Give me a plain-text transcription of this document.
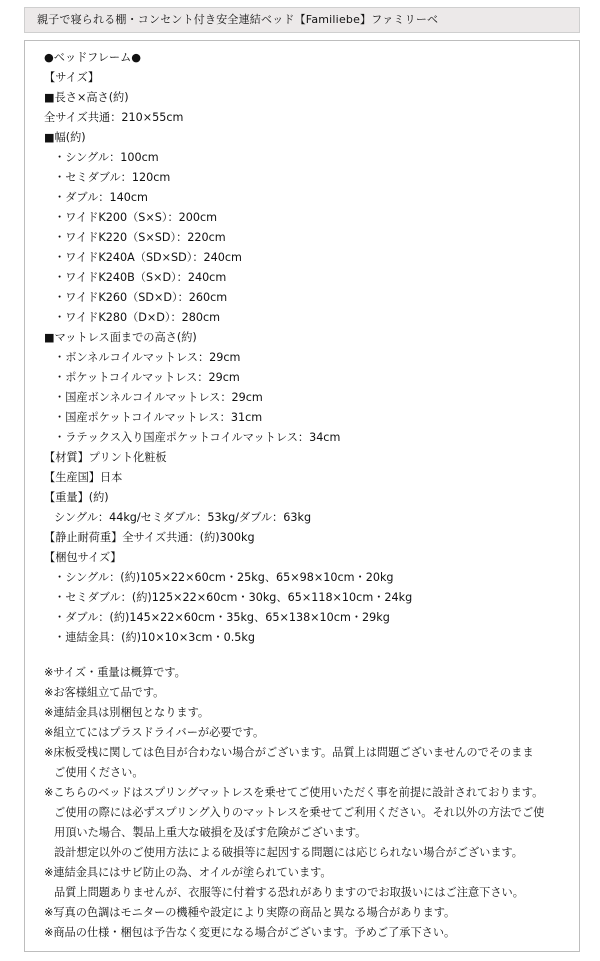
親子で寝られる棚・コンセント付き安全連結ベッド【Familiebe】ファミリーベ
●ベッドフレーム●
【サイズ】
■長さ×高さ(約)
全サイズ共通：210×55cm
■幅(約)
・シングル：100cm
・セミダブル：120cm
・ダブル：140cm
・ワイドK200（S×S）：200cm
・ワイドK220（S×SD）：220cm
・ワイドK240A（SD×SD）：240cm
・ワイドK240B（S×D）：240cm
・ワイドK260（SD×D）：260cm
・ワイドK280（D×D）：280cm
■マットレス面までの高さ(約)
・ボンネルコイルマットレス：29cm
・ポケットコイルマットレス：29cm
・国産ボンネルコイルマットレス：29cm
・国産ポケットコイルマットレス：31cm
・ラテックス入り国産ポケットコイルマットレス：34cm
【材質】プリント化粧板
【生産国】日本
【重量】(約)
シングル：44kg/セミダブル：53kg/ダブル：63kg
【静止耐荷重】全サイズ共通：(約)300kg
【梱包サイズ】
・シングル：(約)105×22×60cm・25kg、65×98×10cm・20kg
・セミダブル：(約)125×22×60cm・30kg、65×118×10cm・24kg
・ダブル：(約)145×22×60cm・35kg、65×138×10cm・29kg
・連結金具：(約)10×10×3cm・0.5kg
※サイズ・重量は概算です。
※お客様組立て品です。
※連結金具は別梱包となります。
※組立てにはプラスドライバーが必要です。
※床板受桟に関しては色目が合わない場合がございます。品質上は問題ございませんのでそのまま
ご使用ください。
※こちらのベッドはスプリングマットレスを乗せてご使用いただく事を前提に設計されております。
ご使用の際には必ずスプリング入りのマットレスを乗せてご利用ください。それ以外の方法でご使
用頂いた場合、製品上重大な破損を及ぼす危険がございます。
設計想定以外のご使用方法による破損等に起因する問題には応じられない場合がございます。
※連結金具にはサビ防止の為、オイルが塗られています。
品質上問題ありませんが、衣服等に付着する恐れがありますのでお取扱いにはご注意下さい。
※写真の色調はモニターの機種や設定により実際の商品と異なる場合があります。
※商品の仕様・梱包は予告なく変更になる場合がございます。予めご了承下さい。
